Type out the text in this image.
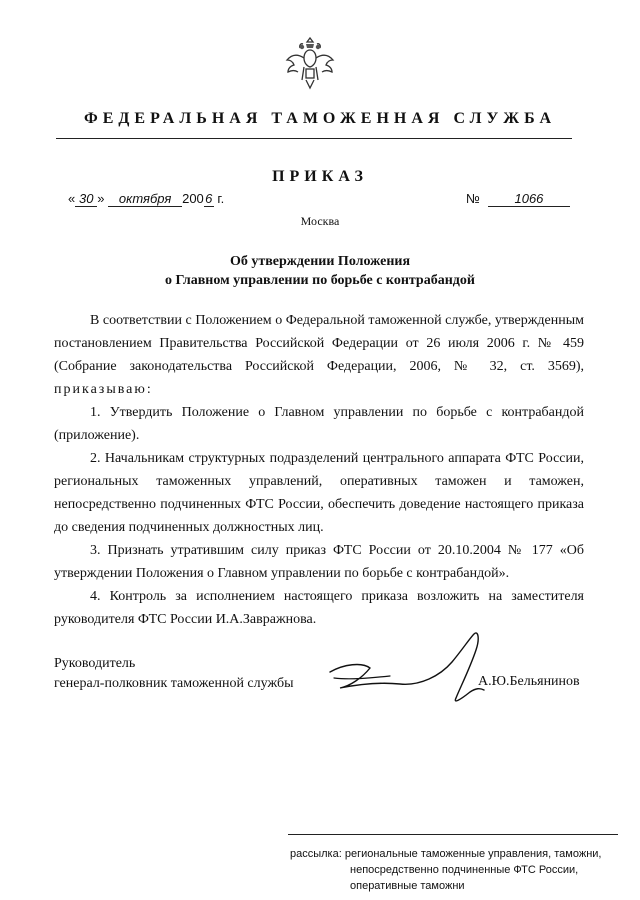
ФЕДЕРАЛЬНАЯ ТАМОЖЕННАЯ СЛУЖБА
ПРИКАЗ
« 30 » октября 2006 г.	№	1066
Москва
Об утверждении Положения
о Главном управлении по борьбе с контрабандой

В соответствии с Положением о Федеральной таможенной службе, утвержденным постановлением Правительства Российской Федерации от 26 июля 2006 г. № 459 (Собрание законодательства Российской Федерации, 2006, № 32, ст. 3569), приказываю:

1. Утвердить Положение о Главном управлении по борьбе с контрабандой (приложение).

2. Начальникам структурных подразделений центрального аппарата ФТС России, региональных таможенных управлений, оперативных таможен и таможен, непосредственно подчиненных ФТС России, обеспечить доведение настоящего приказа до сведения подчиненных должностных лиц.

3. Признать утратившим силу приказ ФТС России от 20.10.2004 № 177 «Об утверждении Положения о Главном управлении по борьбе с контрабандой».

4. Контроль за исполнением настоящего приказа возложить на заместителя руководителя ФТС России И.А.Завражнова.

Руководитель
генерал-полковник таможенной службы	А.Ю.Бельянинов
рассылка: региональные таможенные управления, таможни,
непосредственно подчиненные ФТС России,
оперативные таможни
